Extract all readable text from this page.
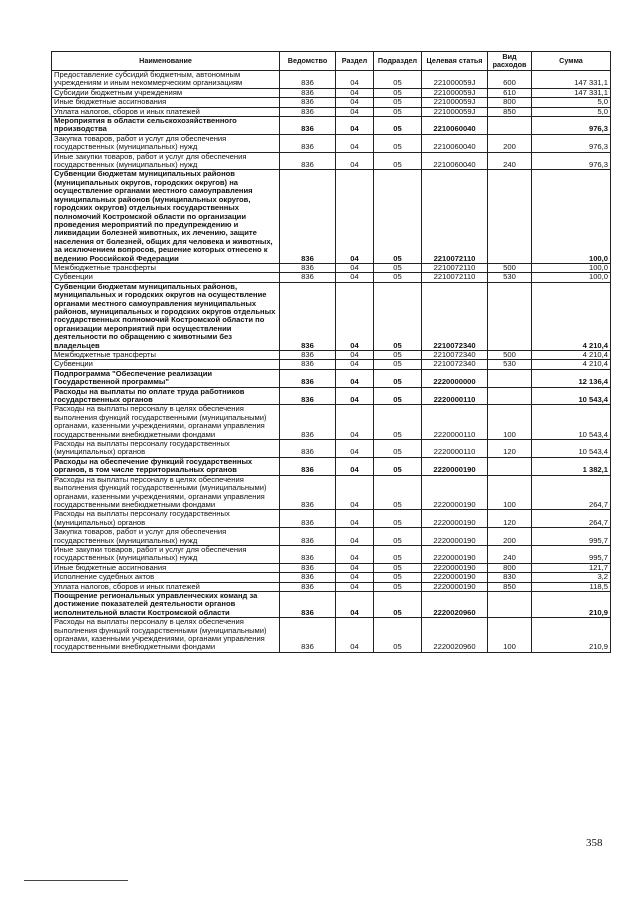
Наименование	Ведомство	Раздел	Подраздел	Целевая статья	Вид расходов	Сумма
Предоставление субсидий бюджетным, автономным учреждениям и иным некоммерческим организациям	836	04	05	221000059J	600	147 331,1
Субсидии бюджетным учреждениям	836	04	05	221000059J	610	147 331,1
Иные бюджетные ассигнования	836	04	05	221000059J	800	5,0
Уплата налогов, сборов и иных платежей	836	04	05	221000059J	850	5,0
Мероприятия в области сельскохозяйственного производства	836	04	05	2210060040		976,3
Закупка товаров, работ и услуг для обеспечения государственных (муниципальных) нужд	836	04	05	2210060040	200	976,3
Иные закупки товаров, работ и услуг для обеспечения государственных (муниципальных) нужд	836	04	05	2210060040	240	976,3
Субвенции бюджетам муниципальных районов (муниципальных округов, городских округов) на осуществление органами местного самоуправления муниципальных районов (муниципальных округов, городских округов) отдельных государственных полномочий Костромской области по организации проведения мероприятий по предупреждению и ликвидации болезней животных, их лечению, защите населения от болезней, общих для человека и животных, за исключением вопросов, решение которых отнесено к ведению Российской Федерации	836	04	05	2210072110		100,0
Межбюджетные трансферты	836	04	05	2210072110	500	100,0
Субвенции	836	04	05	2210072110	530	100,0
Субвенции бюджетам муниципальных районов, муниципальных и городских округов на осуществление органами местного самоуправления муниципальных районов, муниципальных и городских округов отдельных государственных полномочий Костромской области по организации мероприятий при осуществлении деятельности по обращению с животными без владельцев	836	04	05	2210072340		4 210,4
Межбюджетные трансферты	836	04	05	2210072340	500	4 210,4
Субвенции	836	04	05	2210072340	530	4 210,4
Подпрограмма "Обеспечение реализации Государственной программы"	836	04	05	2220000000		12 136,4
Расходы на выплаты по оплате труда работников государственных органов	836	04	05	2220000110		10 543,4
Расходы на выплаты персоналу в целях обеспечения выполнения функций государственными (муниципальными) органами, казенными учреждениями, органами управления государственными внебюджетными фондами	836	04	05	2220000110	100	10 543,4
Расходы на выплаты персоналу государственных (муниципальных) органов	836	04	05	2220000110	120	10 543,4
Расходы на обеспечение функций государственных органов, в том числе территориальных органов	836	04	05	2220000190		1 382,1
Расходы на выплаты персоналу в целях обеспечения выполнения функций государственными (муниципальными) органами, казенными учреждениями, органами управления государственными внебюджетными фондами	836	04	05	2220000190	100	264,7
Расходы на выплаты персоналу государственных (муниципальных) органов	836	04	05	2220000190	120	264,7
Закупка товаров, работ и услуг для обеспечения государственных (муниципальных) нужд	836	04	05	2220000190	200	995,7
Иные закупки товаров, работ и услуг для обеспечения государственных (муниципальных) нужд	836	04	05	2220000190	240	995,7
Иные бюджетные ассигнования	836	04	05	2220000190	800	121,7
Исполнение судебных актов	836	04	05	2220000190	830	3,2
Уплата налогов, сборов и иных платежей	836	04	05	2220000190	850	118,5
Поощрение региональных управленческих команд за достижение показателей деятельности органов исполнительной власти Костромской области	836	04	05	2220020960		210,9
Расходы на выплаты персоналу в целях обеспечения выполнения функций государственными (муниципальными) органами, казенными учреждениями, органами управления государственными внебюджетными фондами	836	04	05	2220020960	100	210,9
358
